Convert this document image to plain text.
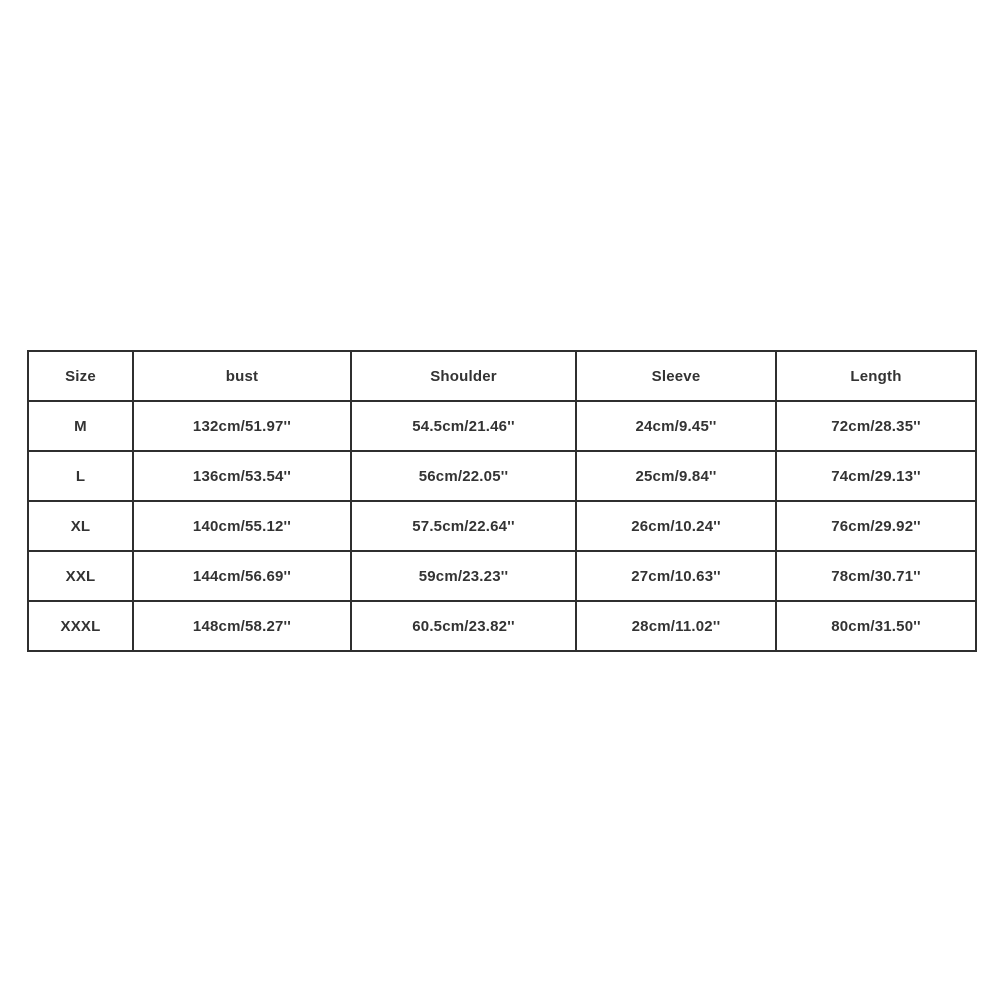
Size	bust	Shoulder	Sleeve	Length
M	132cm/51.97''	54.5cm/21.46''	24cm/9.45''	72cm/28.35''
L	136cm/53.54''	56cm/22.05''	25cm/9.84''	74cm/29.13''
XL	140cm/55.12''	57.5cm/22.64''	26cm/10.24''	76cm/29.92''
XXL	144cm/56.69''	59cm/23.23''	27cm/10.63''	78cm/30.71''
XXXL	148cm/58.27''	60.5cm/23.82''	28cm/11.02''	80cm/31.50''
